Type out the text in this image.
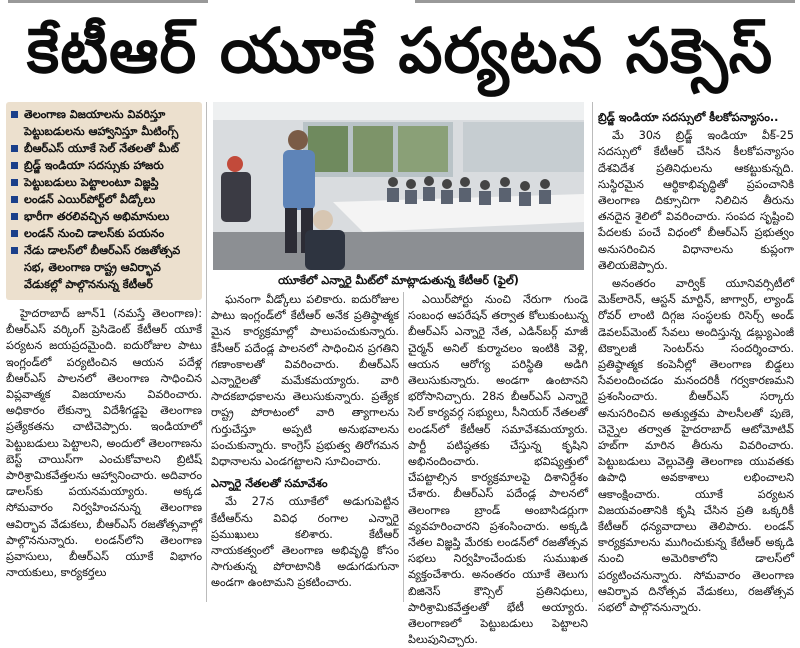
కేటీఆర్ యూకే పర్యటన సక్సెస్
తెలంగాణ విజయాలను వివరిస్తూ పెట్టుబడులను ఆహ్వానిస్తూ మీటింగ్స్
బీఆర్ఎస్ యూకే సెల్ నేతలతో మీట్
బ్రిడ్జ్ ఇండియా సదస్సుకు హాజరు
పెట్టుబడులు పెట్టాలంటూ విజ్ఞప్తి
లండన్ ఎయిర్‌పోర్ట్‌లో వీడ్కోలు
భారీగా తరలివచ్చిన అభిమానులు
లండన్ నుంచి డాలస్‌కు పయనం
నేడు డాలస్‌లో బీఆర్ఎస్ రజతోత్సవ సభ, తెలంగాణ రాష్ట్ర ఆవిర్భావ వేడుకల్లో పాల్గొననున్న కేటీఆర్	యూకేలో ఎన్నారై మీట్‌లో మాట్లాడుతున్న కేటీఆర్ (ఫైల్)

హైదరాబాద్ జూన్1 (నమస్తే తెలంగాణ): బీఆర్ఎస్ వర్కింగ్ ప్రెసిడెంట్ కేటీఆర్ యూకే పర్యటన జయప్రదమైంది. ఐదురోజుల పాటు ఇంగ్లండ్‌లో పర్యటించిన ఆయన పదేళ్ల బీఆర్ఎస్ పాలనలో తెలంగాణ సాధించిన విప్లవాత్మక విజయాలను వివరించారు. అధికారం లేకున్నా విదేశీగడ్డపై తెలంగాణ ప్రత్యేకతను చాటిచెప్పారు. ఇండియాలో పెట్టుబడులు పెట్టాలని, అందులో తెలంగాణను బెస్ట్ చాయిస్‌గా ఎంచుకోవాలని బ్రిటిష్ పారిశ్రామికవేత్తలను ఆహ్వానించారు. అదివారం డాలస్‌కు పయనమయ్యారు. అక్కడ సోమవారం నిర్వహించనున్న తెలంగాణ ఆవిర్భావ వేడుకలు, బీఆర్ఎస్ రజతోత్సవాల్లో పాల్గొననున్నారు. లండన్‌లోని తెలంగాణ ప్రవాసులు, బీఆర్ఎస్ యూకే విభాగం నాయకులు, కార్యకర్తలు

ఘనంగా వీడ్కోలు పలికారు. ఐదురోజుల పాటు ఇంగ్లండ్‌లో కేటీఆర్ అనేక ప్రతిష్ఠాత్మక మైన కార్యక్రమాల్లో పాలుపంచుకున్నారు. కేసీఆర్ పదేండ్ల పాలనలో సాధించిన ప్రగతిని గణాంకాలతో వివరించారు. బీఆర్ఎస్ ఎన్నారైలతో మమేకమయ్యారు. వారి సాదకబాధకాలను తెలుసుకున్నారు. ప్రత్యేక రాష్ట్ర పోరాటంలో వారి త్యాగాలను గుర్తుచేస్తూ అప్పటి అనుభవాలను పంచుకున్నారు. కాంగ్రెస్ ప్రభుత్వ తిరోగమన విధానాలను ఎండగట్టాలని సూచించారు.

ఎన్నారై నేతలతో సమావేశం

మే 27న యూకేలో అడుగుపెట్టిన కేటీఆర్‌ను వివిధ రంగాల ఎన్నారై ప్రముఖులు కలిశారు. కేటీఆర్ నాయకత్వంలో తెలంగాణ అభివృద్ధి కోసం సాగుతున్న పోరాటానికి అడుగడుగునా అండగా ఉంటామని ప్రకటించారు.

ఎయిర్‌పోర్టు నుంచి నేరుగా గుండె సంబంధ ఆపరేషన్ తర్వాత కోలుకుంటున్న బీఆర్ఎస్ ఎన్నారై నేత, ఎడిన్‌బర్గ్ మాజీ చైర్మన్ అనిల్ కుర్మాచలం ఇంటికి వెళ్లి, ఆయన ఆరోగ్య పరిస్థితి అడిగి తెలుసుకున్నారు. అండగా ఉంటానని భరోసానిచ్చారు. 28న బీఆర్ఎస్ ఎన్నారై సెల్ కార్యవర్గ సభ్యులు, సీనియర్ నేతలతో లండన్‌లో కేటీఆర్ సమావేశమయ్యారు. పార్టీ పటిష్ఠతకు చేస్తున్న కృషిని అభినందించారు. భవిష్యత్తులో చేపట్టాల్సిన కార్యక్రమాలపై దిశానిర్దేశం చేశారు. బీఆర్ఎస్ పదేండ్ల పాలనలో తెలంగాణ బ్రాండ్ అంబాసిడర్లుగా వ్యవహరించారని ప్రశంసించారు. అక్కడి నేతల విజ్ఞప్తి మేరకు లండన్‌లో రజతోత్సవ సభలు నిర్వహించేందుకు సుముఖత వ్యక్తంచేశారు. అనంతరం యూకే తెలుగు బిజినెస్ కౌన్సిల్ ప్రతినిధులు, పారిశ్రామికవేత్తలతో భేటీ అయ్యారు. తెలంగాణలో పెట్టుబడులు పెట్టాలని పిలుపునిచ్చారు.

బ్రిడ్జ్ ఇండియా సదస్సులో కీలకోపన్యాసం..

మే 30న బ్రిడ్జ్ ఇండియా వీక్-25 సదస్సులో కేటీఆర్ చేసిన కీలకోపన్యాసం దేశవిదేశ ప్రతినిధులను ఆకట్టుకున్నది. సుస్థిరమైన ఆర్థికాభివృద్ధితో ప్రపంచానికి తెలంగాణ దిక్సూచిగా నిలిచిన తీరును తనదైన శైలిలో వివరించారు. సంపద సృష్టించి పేదలకు పంచే విధంలో బీఆర్ఎస్ ప్రభుత్వం అనుసరించిన విధానాలను కుప్లంగా తెలియజెప్పారు.

అనంతరం వార్విక్ యూనివర్సిటీలో మెక్‌లారెన్, ఆస్టన్ మార్టిన్, జాగ్వార్, ల్యాండ్ రోవర్ లాంటి దిగ్గజ సంస్థలకు రిసెర్చ్ అండ్ డెవలప్‌మెంట్ సేవలు అందిస్తున్న డబ్ల్యుఎంజీ టెక్నాలజీ సెంటర్‌ను సందర్శించారు. ప్రతిష్ఠాత్మక కంపెనీల్లో తెలంగాణ బిడ్డలు సేవలందించడం మనందరికీ గర్వకారణమని ప్రశంసించారు. బీఆర్ఎస్ సర్కారు అనుసరించిన అత్యుత్తమ పాలసీలతో పుణె, చెన్నైల తర్వాత హైదరాబాద్ ఆటోమోటివ్ హబ్‌గా మారిన తీరును వివరించారు. పెట్టుబడులు వెల్లువెత్తి తెలంగాణ యువతకు ఉపాధి అవకాశాలు లభించాలని ఆకాంక్షించారు. యూకే పర్యటన విజయవంతానికి కృషి చేసిన ప్రతి ఒక్కరికీ కేటీఆర్ ధన్యవాదాలు తెలిపారు. లండన్ కార్యక్రమాలను ముగించుకున్న కేటీఆర్ అక్కడి నుంచి అమెరికాలోని డాలస్‌లో పర్యటించనున్నారు. సోమవారం తెలంగాణ ఆవిర్భావ దినోత్సవ వేడుకలు, రజతోత్సవ సభలో పాల్గొననున్నారు.
